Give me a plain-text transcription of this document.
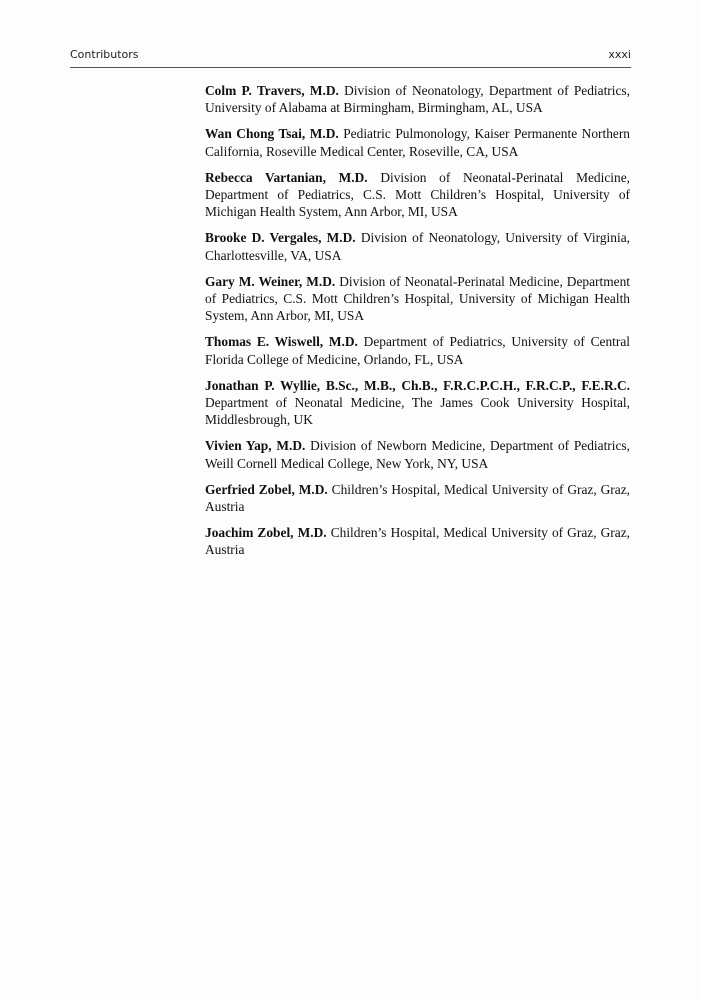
Contributors	xxxi

Colm P. Travers, M.D. Division of Neonatology, Department of Pediatrics, University of Alabama at Birmingham, Birmingham, AL, USA

Wan Chong Tsai, M.D. Pediatric Pulmonology, Kaiser Permanente Northern California, Roseville Medical Center, Roseville, CA, USA

Rebecca Vartanian, M.D. Division of Neonatal-Perinatal Medicine, Department of Pediatrics, C.S. Mott Children’s Hospital, University of Michigan Health System, Ann Arbor, MI, USA

Brooke D. Vergales, M.D. Division of Neonatology, University of Virginia, Charlottesville, VA, USA

Gary M. Weiner, M.D. Division of Neonatal-Perinatal Medicine, Department of Pediatrics, C.S. Mott Children’s Hospital, University of Michigan Health System, Ann Arbor, MI, USA

Thomas E. Wiswell, M.D. Department of Pediatrics, University of Central Florida College of Medicine, Orlando, FL, USA

Jonathan P. Wyllie, B.Sc., M.B., Ch.B., F.R.C.P.C.H., F.R.C.P., F.E.R.C. Department of Neonatal Medicine, The James Cook University Hospital, Middlesbrough, UK

Vivien Yap, M.D. Division of Newborn Medicine, Department of Pediatrics, Weill Cornell Medical College, New York, NY, USA

Gerfried Zobel, M.D. Children’s Hospital, Medical University of Graz, Graz, Austria

Joachim Zobel, M.D. Children’s Hospital, Medical University of Graz, Graz, Austria
